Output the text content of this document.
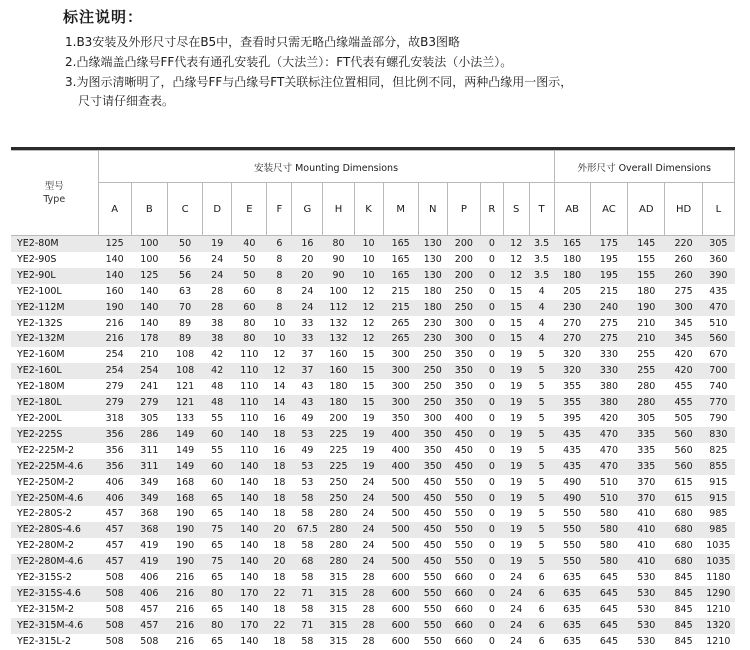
标注说明：
1.B3安装及外形尺寸尽在B5中，查看时只需无略凸缘端盖部分，故B3图略
2.凸缘端盖凸缘号FF代表有通孔安装孔（大法兰）：FT代表有螺孔安装法（小法兰）。
3.为图示清晰明了，凸缘号FF与凸缘号FT关联标注位置相同，但比例不同，两种凸缘用一图示，
尺寸请仔细查表。

型号
Type	安装尺寸 Mounting Dimensions															外形尺寸 Overall Dimensions				
	A	B	C	D	E	F	G	H	K	M	N	P	R	S	T	AB	AC	AD	HD	L
YE2-80M	125	100	50	19	40	6	16	80	10	165	130	200	0	12	3.5	165	175	145	220	305
YE2-90S	140	100	56	24	50	8	20	90	10	165	130	200	0	12	3.5	180	195	155	260	360
YE2-90L	140	125	56	24	50	8	20	90	10	165	130	200	0	12	3.5	180	195	155	260	390
YE2-100L	160	140	63	28	60	8	24	100	12	215	180	250	0	15	4	205	215	180	275	435
YE2-112M	190	140	70	28	60	8	24	112	12	215	180	250	0	15	4	230	240	190	300	470
YE2-132S	216	140	89	38	80	10	33	132	12	265	230	300	0	15	4	270	275	210	345	510
YE2-132M	216	178	89	38	80	10	33	132	12	265	230	300	0	15	4	270	275	210	345	560
YE2-160M	254	210	108	42	110	12	37	160	15	300	250	350	0	19	5	320	330	255	420	670
YE2-160L	254	254	108	42	110	12	37	160	15	300	250	350	0	19	5	320	330	255	420	700
YE2-180M	279	241	121	48	110	14	43	180	15	300	250	350	0	19	5	355	380	280	455	740
YE2-180L	279	279	121	48	110	14	43	180	15	300	250	350	0	19	5	355	380	280	455	770
YE2-200L	318	305	133	55	110	16	49	200	19	350	300	400	0	19	5	395	420	305	505	790
YE2-225S	356	286	149	60	140	18	53	225	19	400	350	450	0	19	5	435	470	335	560	830
YE2-225M-2	356	311	149	55	110	16	49	225	19	400	350	450	0	19	5	435	470	335	560	825
YE2-225M-4.6	356	311	149	60	140	18	53	225	19	400	350	450	0	19	5	435	470	335	560	855
YE2-250M-2	406	349	168	60	140	18	53	250	24	500	450	550	0	19	5	490	510	370	615	915
YE2-250M-4.6	406	349	168	65	140	18	58	250	24	500	450	550	0	19	5	490	510	370	615	915
YE2-280S-2	457	368	190	65	140	18	58	280	24	500	450	550	0	19	5	550	580	410	680	985
YE2-280S-4.6	457	368	190	75	140	20	67.5	280	24	500	450	550	0	19	5	550	580	410	680	985
YE2-280M-2	457	419	190	65	140	18	58	280	24	500	450	550	0	19	5	550	580	410	680	1035
YE2-280M-4.6	457	419	190	75	140	20	68	280	24	500	450	550	0	19	5	550	580	410	680	1035
YE2-315S-2	508	406	216	65	140	18	58	315	28	600	550	660	0	24	6	635	645	530	845	1180
YE2-315S-4.6	508	406	216	80	170	22	71	315	28	600	550	660	0	24	6	635	645	530	845	1290
YE2-315M-2	508	457	216	65	140	18	58	315	28	600	550	660	0	24	6	635	645	530	845	1210
YE2-315M-4.6	508	457	216	80	170	22	71	315	28	600	550	660	0	24	6	635	645	530	845	1320
YE2-315L-2	508	508	216	65	140	18	58	315	28	600	550	660	0	24	6	635	645	530	845	1210
